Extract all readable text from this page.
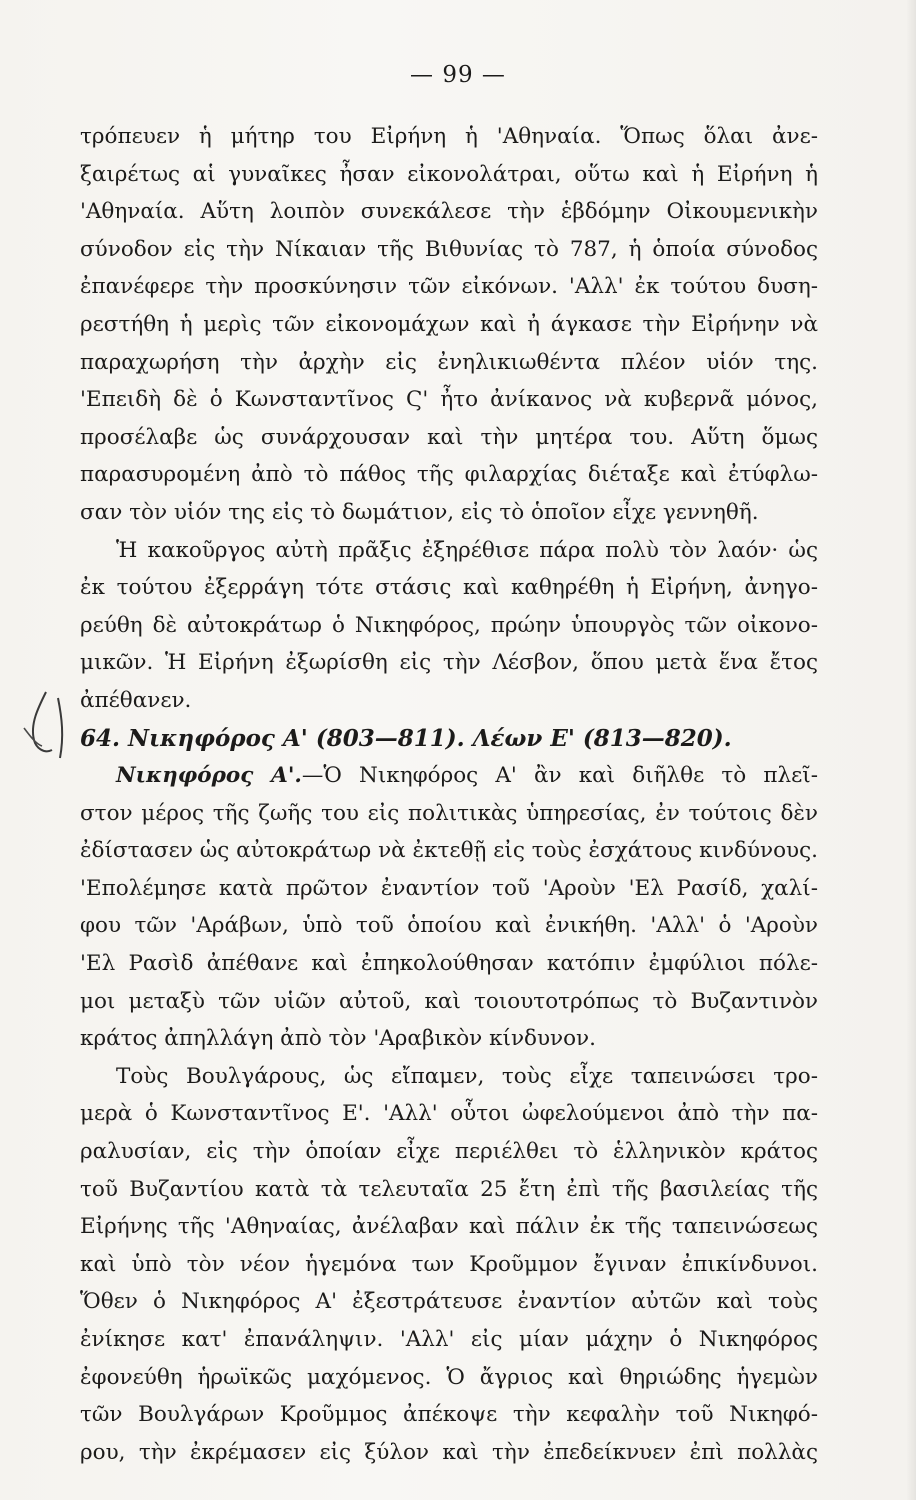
— 99 —
τρόπευεν ἡ μήτηρ του Εἰρήνη ἡ 'Αθηναία. Ὅπως ὅλαι ἀνε-
ξαιρέτως αἱ γυναῖκες ἦσαν εἰκονολάτραι, οὕτω καὶ ἡ Εἰρήνη ἡ
'Αθηναία. Αὕτη λοιπὸν συνεκάλεσε τὴν ἑβδόμην Οἰκουμενικὴν
σύνοδον εἰς τὴν Νίκαιαν τῆς Βιθυνίας τὸ 787, ἡ ὁποία σύνοδος
ἐπανέφερε τὴν προσκύνησιν τῶν εἰκόνων. 'Αλλ' ἐκ τούτου δυση-
ρεστήθη ἡ μερὶς τῶν εἰκονομάχων καὶ ἠ άγκασε τὴν Εἰρήνην νὰ
παραχωρήση τὴν ἀρχὴν εἰς ἐνηλικιωθέντα πλέον υἱόν της.
'Επειδὴ δὲ ὁ Κωνσταντῖνος Ϛ' ἦτο ἀνίκανος νὰ κυβερνᾶ μόνος,
προσέλαβε ὡς συνάρχουσαν καὶ τὴν μητέρα του. Αὕτη ὅμως
παρασυρομένη ἀπὸ τὸ πάθος τῆς φιλαρχίας διέταξε καὶ ἐτύφλω-
σαν τὸν υἱόν της εἰς τὸ δωμάτιον, εἰς τὸ ὁποῖον εἶχε γεννηθῆ.
Ἡ κακοῦργος αὐτὴ πρᾶξις ἐξηρέθισε πάρα πολὺ τὸν λαόν· ὡς
ἐκ τούτου ἐξερράγη τότε στάσις καὶ καθηρέθη ἡ Εἰρήνη, ἀνηγο-
ρεύθη δὲ αὐτοκράτωρ ὁ Νικηφόρος, πρώην ὑπουργὸς τῶν οἰκονο-
μικῶν. Ἡ Εἰρήνη ἐξωρίσθη εἰς τὴν Λέσβον, ὅπου μετὰ ἕνα ἔτος
ἀπέθανεν.
64. Νικηφόρος Α' (803—811). Λέων Ε' (813—820).
Νικηφόρος Α'.—Ὁ Νικηφόρος Α' ἂν καὶ διῆλθε τὸ πλεῖ-
στον μέρος τῆς ζωῆς του εἰς πολιτικὰς ὑπηρεσίας, ἐν τούτοις δὲν
ἐδίστασεν ὡς αὐτοκράτωρ νὰ ἐκτεθῇ εἰς τοὺς ἐσχάτους κινδύνους.
'Επολέμησε κατὰ πρῶτον ἐναντίον τοῦ 'Αροὺν 'Ελ Ρασίδ, χαλί-
φου τῶν 'Αράβων, ὑπὸ τοῦ ὁποίου καὶ ἐνικήθη. 'Αλλ' ὁ 'Αροὺν
'Ελ Ρασὶδ ἀπέθανε καὶ ἐπηκολούθησαν κατόπιν ἐμφύλιοι πόλε-
μοι μεταξὺ τῶν υἱῶν αὐτοῦ, καὶ τοιουτοτρόπως τὸ Βυζαντινὸν
κράτος ἀπηλλάγη ἀπὸ τὸν 'Αραβικὸν κίνδυνον.
Τοὺς Βουλγάρους, ὡς εἴπαμεν, τοὺς εἶχε ταπεινώσει τρο-
μερὰ ὁ Κωνσταντῖνος Ε'. 'Αλλ' οὗτοι ὠφελούμενοι ἀπὸ τὴν πα-
ραλυσίαν, εἰς τὴν ὁποίαν εἶχε περιέλθει τὸ ἑλληνικὸν κράτος
τοῦ Βυζαντίου κατὰ τὰ τελευταῖα 25 ἔτη ἐπὶ τῆς βασιλείας τῆς
Εἰρήνης τῆς 'Αθηναίας, ἀνέλαβαν καὶ πάλιν ἐκ τῆς ταπεινώσεως
καὶ ὑπὸ τὸν νέον ἡγεμόνα των Κροῦμμον ἔγιναν ἐπικίνδυνοι.
Ὅθεν ὁ Νικηφόρος Α' ἐξεστράτευσε ἐναντίον αὐτῶν καὶ τοὺς
ἐνίκησε κατ' ἐπανάληψιν. 'Αλλ' εἰς μίαν μάχην ὁ Νικηφόρος
ἐφονεύθη ἡρωϊκῶς μαχόμενος. Ὁ ἄγριος καὶ θηριώδης ἡγεμὼν
τῶν Βουλγάρων Κροῦμμος ἀπέκοψε τὴν κεφαλὴν τοῦ Νικηφό-
ρου, τὴν ἐκρέμασεν εἰς ξύλον καὶ τὴν ἐπεδείκνυεν ἐπὶ πολλὰς
